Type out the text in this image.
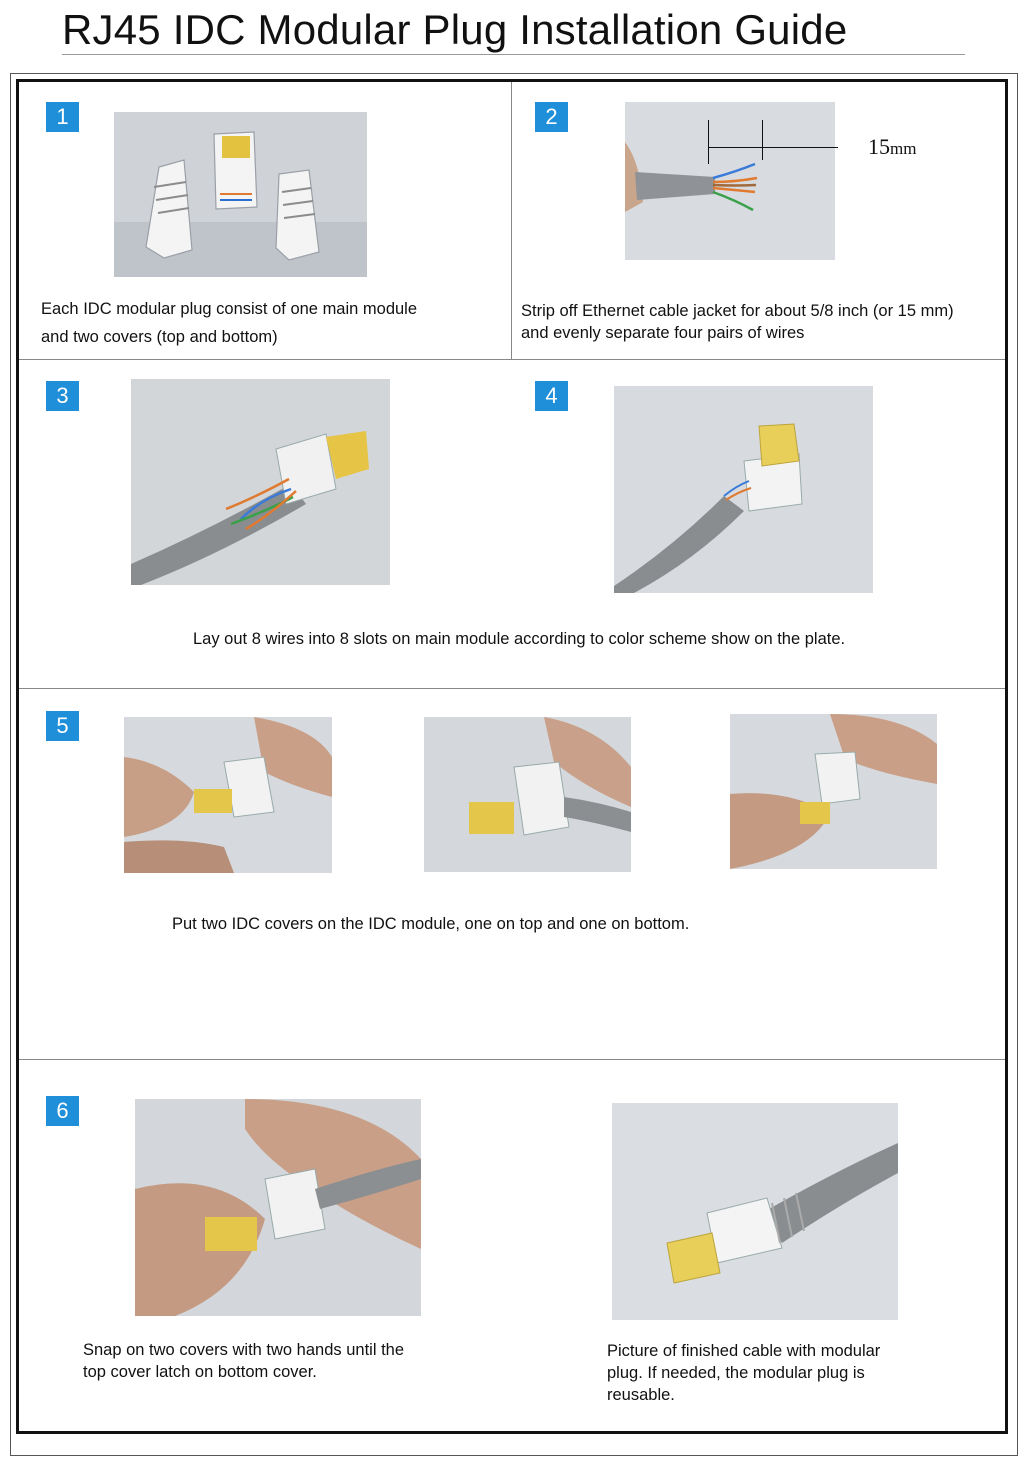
RJ45 IDC Modular Plug Installation Guide
1
Each IDC modular plug consist of one main module
and two covers (top and bottom)
2
15mm
Strip off Ethernet cable jacket for about 5/8 inch (or 15 mm)
and evenly separate four pairs of wires
3	4
Lay out 8 wires into 8 slots on main module according to color scheme show on the plate.
5
Put two IDC covers on the IDC module, one on top and one on bottom.
6
Snap on two covers with two hands until the
top cover latch on bottom cover.
Picture of finished cable with modular
plug. If needed, the modular plug is
reusable.
